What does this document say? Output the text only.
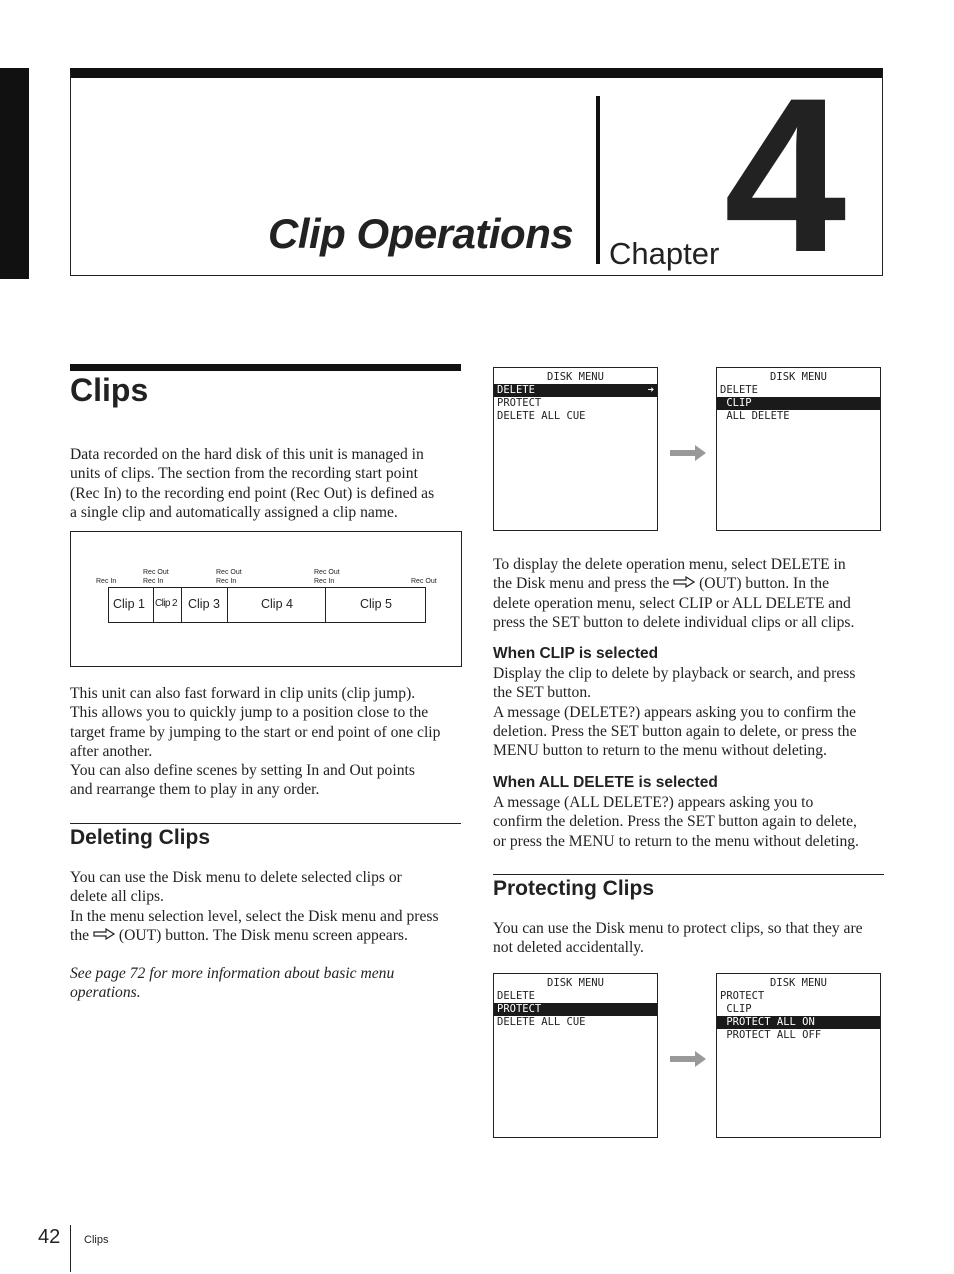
Clip Operations Chapter 4
Clips
Data recorded on the hard disk of this unit is managed in
units of clips. The section from the recording start point
(Rec In) to the recording end point (Rec Out) is defined as
a single clip and automatically assigned a clip name.
Rec In
Rec Out
Rec In
Rec Out
Rec In
Rec Out
Rec In	Rec Out
Clip 1 Clip 2 Clip 3	Clip 4	Clip 5
This unit can also fast forward in clip units (clip jump).
This allows you to quickly jump to a position close to the
target frame by jumping to the start or end point of one clip
after another.
You can also define scenes by setting In and Out points
and rearrange them to play in any order.
Deleting Clips
You can use the Disk menu to delete selected clips or
delete all clips.
In the menu selection level, select the Disk menu and press
the (OUT) button. The Disk menu screen appears.
See page 72 for more information about basic menu
operations.
DISK MENU
DELETE	➜
PROTECT
DELETE ALL CUE
DISK MENU
DELETE
CLIP
ALL DELETE
To display the delete operation menu, select DELETE in
the Disk menu and press the (OUT) button. In the
delete operation menu, select CLIP or ALL DELETE and
press the SET button to delete individual clips or all clips.
When CLIP is selected
Display the clip to delete by playback or search, and press
the SET button.
A message (DELETE?) appears asking you to confirm the
deletion. Press the SET button again to delete, or press the
MENU button to return to the menu without deleting.
When ALL DELETE is selected
A message (ALL DELETE?) appears asking you to
confirm the deletion. Press the SET button again to delete,
or press the MENU to return to the menu without deleting.
Protecting Clips
You can use the Disk menu to protect clips, so that they are
not deleted accidentally.
DISK MENU
DELETE
PROTECT
DELETE ALL CUE
DISK MENU
PROTECT
CLIP
PROTECT ALL ON
PROTECT ALL OFF
42 Clips
